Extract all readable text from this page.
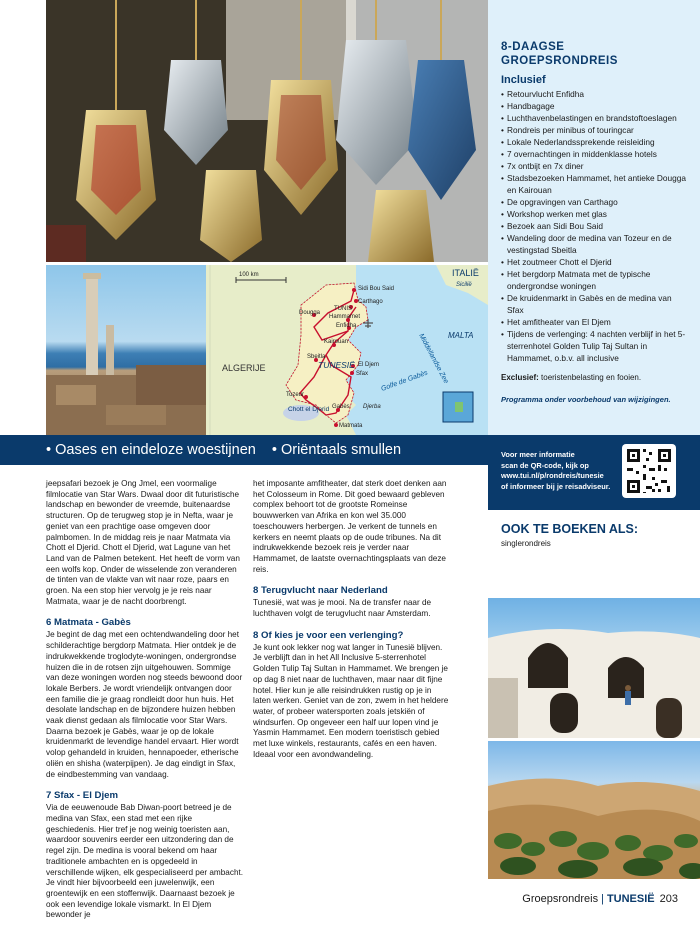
100 km	ITALIË
Sicilië
MALTA
ALGERIJE	TUNESIË	Middellandse Zee
Golfe de Gabès
Sidi Bou Said
Carthago
TUNIS
Dougga
Hammamet
Enfidha
Kairouan
Sbeitla
Sfax
El Djem
Tozeur
Chott el Djerid Gabès Djerba
Matmata
8-DAAGSE
GROEPSRONDREIS
Inclusief
• Retourvlucht Enfidha
• Handbagage
• Luchthavenbelastingen en brandstoftoeslagen
• Rondreis per minibus of touringcar
• Lokale Nederlandssprekende reisleiding
• 7 overnachtingen in middenklasse hotels
• 7x ontbijt en 7x diner
• Stadsbezoeken Hammamet, het antieke Dougga en Kairouan
• De opgravingen van Carthago
• Workshop werken met glas
• Bezoek aan Sidi Bou Said
• Wandeling door de medina van Tozeur en de vestingstad Sbeitla
• Het zoutmeer Chott el Djerid
• Het bergdorp Matmata met de typische ondergrondse woningen
• De kruidenmarkt in Gabès en de medina van Sfax
• Het amfitheater van El Djem
• Tijdens de verlenging: 4 nachten verblijf in het 5-sterrenhotel Golden Tulip Taj Sultan in Hammamet, o.b.v. all inclusive

Exclusief: toeristenbelasting en fooien.

Programma onder voorbehoud van wijzigingen.

• Oases en eindeloze woestijnen • Oriëntaals smullen	Voor meer informatie

scan de QR-code, kijk op

www.tui.nl/p/rondreis/tunesie

of informeer bij je reisadviseur.

OOK TE BOEKEN ALS:

singlerondreis

jeepsafari bezoek je Ong Jmel, een voormalige filmlocatie van Star Wars. Dwaal door dit futuristische landschap en bewonder de vreemde, buitenaardse structuren. Op de terugweg stop je in Nefta, waar je geniet van een prachtige oase omgeven door palmbomen. In de middag reis je naar Matmata via Chott el Djerid. Chott el Djerid, wat Lagune van het Land van de Palmen betekent. Het heeft de vorm van een wolfs kop. Onder de wisselende zon veranderen de tinten van de vlakte van wit naar roze, paars en groen. Na een stop hier vervolg je je reis naar Matmata, waar je de nacht doorbrengt.

6 Matmata - Gabès

Je begint de dag met een ochtendwandeling door het schilderachtige bergdorp Matmata. Hier ontdek je de indrukwekkende troglodyte-woningen, ondergrondse huizen die in de rotsen zijn uitgehouwen. Sommige van deze woningen worden nog steeds bewoond door lokale Berbers. Je wordt vriendelijk ontvangen door een familie die je graag rondleidt door hun huis. Het desolate landschap en de bijzondere huizen hebben vaak dienst gedaan als filmlocatie voor Star Wars. Daarna bezoek je Gabès, waar je op de lokale kruidenmarkt de levendige handel ervaart. Hier wordt volop gehandeld in kruiden, hennapoeder, etherische oliën en shisha (waterpijpen). Je dag eindigt in Sfax, de eindbestemming van vandaag.

7 Sfax - El Djem

Via de eeuwenoude Bab Diwan-poort betreed je de medina van Sfax, een stad met een rijke geschiedenis. Hier tref je nog weinig toeristen aan, waardoor souvenirs eerder een uitzondering dan de regel zijn. De medina is vooral bekend om haar traditionele ambachten en is opgedeeld in verschillende wijken, elk gespecialiseerd per ambacht. Je vindt hier bijvoorbeeld een juwelenwijk, een groentewijk en een stoffenwijk. Daarnaast bezoek je ook een levendige lokale vismarkt. In El Djem bewonder je

het imposante amfitheater, dat sterk doet denken aan het Colosseum in Rome. Dit goed bewaard gebleven complex behoort tot de grootste Romeinse bouwwerken van Afrika en kon wel 35.000 toeschouwers herbergen. Je verkent de tunnels en kerkers en neemt plaats op de oude tribunes. Na dit indrukwekkende bezoek reis je verder naar Hammamet, de laatste overnachtingsplaats van deze reis.

8 Terugvlucht naar Nederland

Tunesië, wat was je mooi. Na de transfer naar de luchthaven volgt de terugvlucht naar Amsterdam.

8 Of kies je voor een verlenging?

Je kunt ook lekker nog wat langer in Tunesië blijven. Je verblijft dan in het All Inclusive 5-sterrenhotel Golden Tulip Taj Sultan in Hammamet. We brengen je op dag 8 niet naar de luchthaven, maar naar dit fijne hotel. Hier kun je alle reisindrukken rustig op je in laten werken. Geniet van de zon, zwem in het heldere water, of probeer watersporten zoals jetskiën of windsurfen. Op ongeveer een half uur lopen vind je Yasmin Hammamet. Een modern toeristisch gebied met luxe winkels, restaurants, cafés en een haven. Ideaal voor een avondwandeling.

Groepsrondreis | TUNESIË 203
